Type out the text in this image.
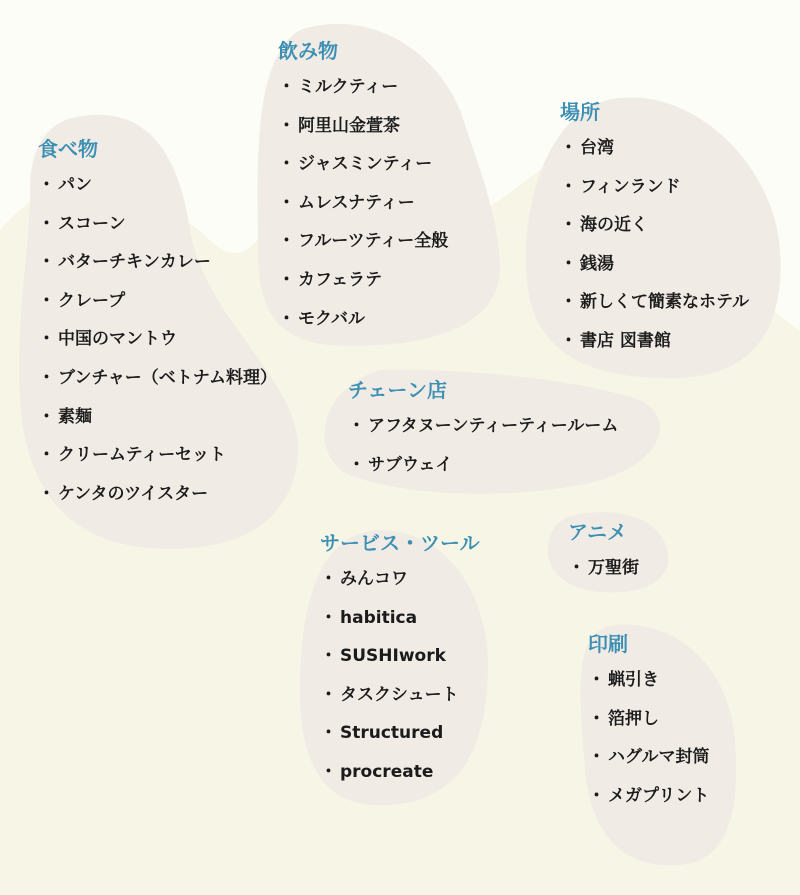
食べ物
・ パン
・ スコーン
・ バターチキンカレー
・ クレープ
・ 中国のマントウ
・ ブンチャー（ベトナム料理）
・ 素麺
・ クリームティーセット
・ ケンタのツイスター
飲み物
・ ミルクティー
・ 阿里山金萱茶
・ ジャスミンティー
・ ムレスナティー
・ フルーツティー全般
・ カフェラテ
・ モクバル
場所
・ 台湾
・ フィンランド
・ 海の近く
・ 銭湯
・ 新しくて簡素なホテル
・ 書店 図書館
チェーン店
・ アフタヌーンティーティールーム
・ サブウェイ
サービス・ツール
・ みんコワ
・ habitica
・ SUSHIwork
・ タスクシュート
・ Structured
・ procreate
アニメ
・ 万聖街
印刷
・ 蝋引き
・ 箔押し
・ ハグルマ封筒
・ メガプリント
